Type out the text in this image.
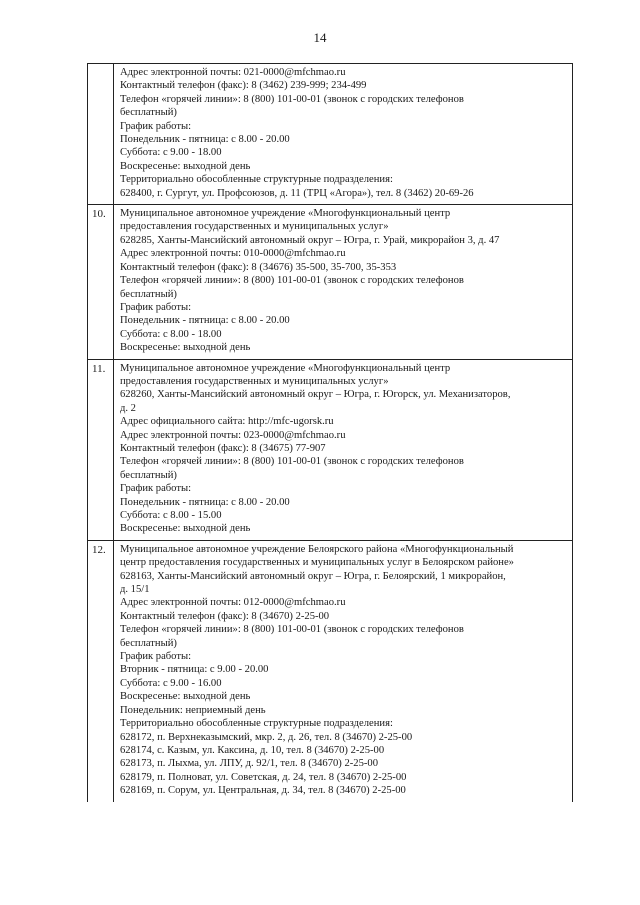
14
Адрес электронной почты: 021-0000@mfchmao.ru
Контактный телефон (факс): 8 (3462) 239-999; 234-499
Телефон «горячей линии»: 8 (800) 101-00-01 (звонок с городских телефонов
бесплатный)
График работы:
Понедельник - пятница: с 8.00 - 20.00
Суббота: с 9.00 - 18.00
Воскресенье: выходной день
Территориально обособленные структурные подразделения:
628400, г. Сургут, ул. Профсоюзов, д. 11 (ТРЦ «Агора»), тел. 8 (3462) 20-69-26
10.	Муниципальное автономное учреждение «Многофункциональный центр
предоставления государственных и муниципальных услуг»
628285, Ханты-Мансийский автономный округ – Югра, г. Урай, микрорайон 3, д. 47
Адрес электронной почты: 010-0000@mfchmao.ru
Контактный телефон (факс): 8 (34676) 35-500, 35-700, 35-353
Телефон «горячей линии»: 8 (800) 101-00-01 (звонок с городских телефонов
бесплатный)
График работы:
Понедельник - пятница: с 8.00 - 20.00
Суббота: с 8.00 - 18.00
Воскресенье: выходной день
11.	Муниципальное автономное учреждение «Многофункциональный центр
предоставления государственных и муниципальных услуг»
628260, Ханты-Мансийский автономный округ – Югра, г. Югорск, ул. Механизаторов,
д. 2
Адрес официального сайта: http://mfc-ugorsk.ru
Адрес электронной почты: 023-0000@mfchmao.ru
Контактный телефон (факс): 8 (34675) 77-907
Телефон «горячей линии»: 8 (800) 101-00-01 (звонок с городских телефонов
бесплатный)
График работы:
Понедельник - пятница: с 8.00 - 20.00
Суббота: с 8.00 - 15.00
Воскресенье: выходной день
12.	Муниципальное автономное учреждение Белоярского района «Многофункциональный
центр предоставления государственных и муниципальных услуг в Белоярском районе»
628163, Ханты-Мансийский автономный округ – Югра, г. Белоярский, 1 микрорайон,
д. 15/1
Адрес электронной почты: 012-0000@mfchmao.ru
Контактный телефон (факс): 8 (34670) 2-25-00
Телефон «горячей линии»: 8 (800) 101-00-01 (звонок с городских телефонов
бесплатный)
График работы:
Вторник - пятница: с 9.00 - 20.00
Суббота: с 9.00 - 16.00
Воскресенье: выходной день
Понедельник: неприемный день
Территориально обособленные структурные подразделения:
628172, п. Верхнеказымский, мкр. 2, д. 26, тел. 8 (34670) 2-25-00
628174, с. Казым, ул. Каксина, д. 10, тел. 8 (34670) 2-25-00
628173, п. Лыхма, ул. ЛПУ, д. 92/1, тел. 8 (34670) 2-25-00
628179, п. Полноват, ул. Советская, д. 24, тел. 8 (34670) 2-25-00
628169, п. Сорум, ул. Центральная, д. 34, тел. 8 (34670) 2-25-00
